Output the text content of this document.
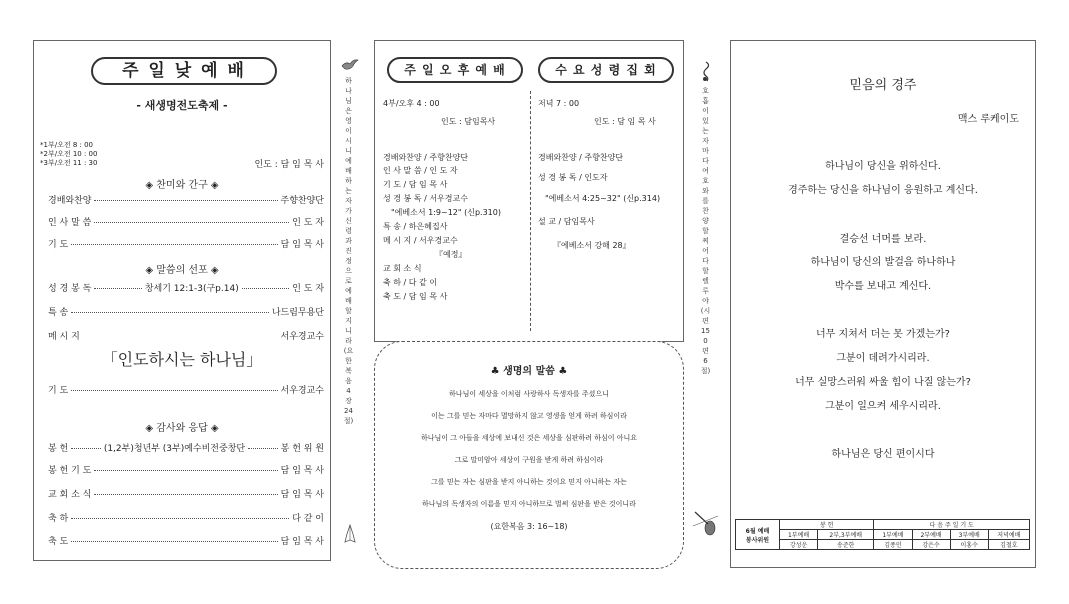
주 일 낮 예 배
- 새생명전도축제 -
*1부/오전 8 : 00
*2부/오전 10 : 00
*3부/오전 11 : 30	인도 : 담 임 목 사
◈ 찬미와 간구 ◈
경배와찬양	주향찬양단
인 사 말 씀	인 도 자
기 도	담 임 목 사
◈ 말씀의 선포 ◈
성 경 봉 독	창세기 12:1-3(구p.14)	인 도 자
특 송	나드림무용단
메 시 지	서우경교수
「인도하시는 하나님」
기 도	서우경교수
◈ 감사와 응답 ◈
봉 헌	(1,2부)청년부 (3부)예수비전중창단	봉 헌 위 원
봉 헌 기 도	담 임 목 사
교 회 소 식	담 임 목 사
축 하	다 같 이
축 도	담 임 목 사
하나님은 영이시니 예배하는 자가 신령과 진정으로 예배할지니라 (요한복음 4장 24절)
주 일 오 후 예 배	수 요 성 령 집 회
4부/오후 4 : 00
인도 : 담임목사
경배와찬양 / 주향찬양단
인 사 말 씀 / 인 도 자
기 도 / 담 임 목 사
성 경 봉 독 / 서우경교수
"에베소서 1:9~12" (신p.310)
특 송 / 하은혜집사
메 시 지 / 서우경교수
『예정』
교 회 소 식
축 하 / 다 같 이
축 도 / 담 임 목 사
저녁 7 : 00
인도 : 담 임 목 사
경배와찬양 / 주향찬양단
성 경 봉 독 / 인도자
"에베소서 4:25~32" (신p.314)
설 교 / 담임목사
『에베소서 강해 28』
♣ 생명의 말씀 ♣
하나님이 세상을 이처럼 사랑하사 독생자를 주셨으니
이는 그를 믿는 자마다 멸망하지 않고 영생을 얻게 하려 하심이라
하나님이 그 아들을 세상에 보내신 것은 세상을 심판하려 하심이 아니요
그로 말미암아 세상이 구원을 받게 하려 하심이라
그를 믿는 자는 심판을 받지 아니하는 것이요 믿지 아니하는 자는
하나님의 독생자의 이름을 믿지 아니하므로 벌써 심판을 받은 것이니라
(요한복음 3: 16~18)
호흡이 있는 자마다 여호와를 찬양할찌어다 할렐루야 (시편150편 6절)
믿음의 경주
맥스 루케이도
하나님이 당신을 위하신다.
경주하는 당신을 하나님이 응원하고 계신다.
결승선 너머를 보라.
하나님이 당신의 발걸음 하나하나
박수를 보내고 계신다.
너무 지쳐서 더는 못 가겠는가?
그분이 데려가시리라.
너무 실망스러워 싸울 힘이 나질 않는가?
그분이 일으켜 세우시리라.
하나님은 당신 편이시다
6월 예배
봉사위원	봉 헌		다 음 주 일 기 도			
	1부예배	2부,3부예배	1부예배	2부예배	3부예배	저녁예배
	강성운	송준한	김종민	강은수	이홍수	김철호
